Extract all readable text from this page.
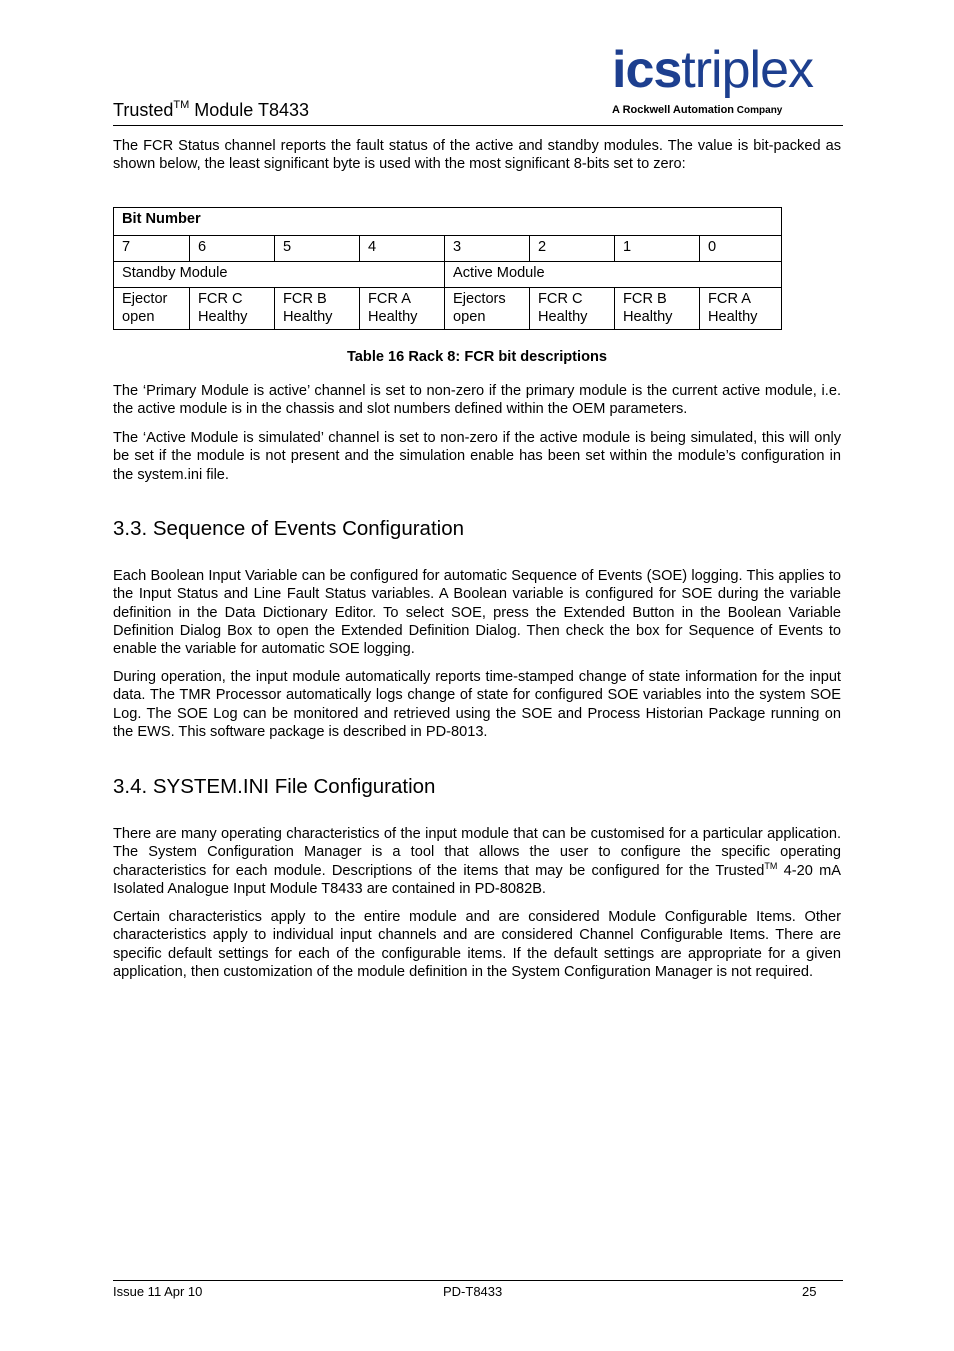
Trusted™ Module T8433
icstriplex
A Rockwell Automation Company
The FCR Status channel reports the fault status of the active and standby modules. The value is bit-packed as shown below, the least significant byte is used with the most significant 8-bits set to zero:
Bit Number							
7	6	5	4	3	2	1	0
Standby Module				Active Module			
Ejector open	FCR C Healthy	FCR B Healthy	FCR A Healthy	Ejectors open	FCR C Healthy	FCR B Healthy	FCR A Healthy
Table 16 Rack 8: FCR bit descriptions
The ‘Primary Module is active’ channel is set to non-zero if the primary module is the current active module, i.e. the active module is in the chassis and slot numbers defined within the OEM parameters.
The ‘Active Module is simulated’ channel is set to non-zero if the active module is being simulated, this will only be set if the module is not present and the simulation enable has been set within the module’s configuration in the system.ini file.
3.3. Sequence of Events Configuration
Each Boolean Input Variable can be configured for automatic Sequence of Events (SOE) logging. This applies to the Input Status and Line Fault Status variables. A Boolean variable is configured for SOE during the variable definition in the Data Dictionary Editor. To select SOE, press the Extended Button in the Boolean Variable Definition Dialog Box to open the Extended Definition Dialog. Then check the box for Sequence of Events to enable the variable for automatic SOE logging.
During operation, the input module automatically reports time-stamped change of state information for the input data. The TMR Processor automatically logs change of state for configured SOE variables into the system SOE Log. The SOE Log can be monitored and retrieved using the SOE and Process Historian Package running on the EWS. This software package is described in PD-8013.
3.4. SYSTEM.INI File Configuration
There are many operating characteristics of the input module that can be customised for a particular application. The System Configuration Manager is a tool that allows the user to configure the specific operating characteristics for each module. Descriptions of the items that may be configured for the Trusted™ 4-20 mA Isolated Analogue Input Module T8433 are contained in PD-8082B.
Certain characteristics apply to the entire module and are considered Module Configurable Items. Other characteristics apply to individual input channels and are considered Channel Configurable Items. There are specific default settings for each of the configurable items. If the default settings are appropriate for a given application, then customization of the module definition in the System Configuration Manager is not required.
Issue 11 Apr 10	PD-T8433	25
